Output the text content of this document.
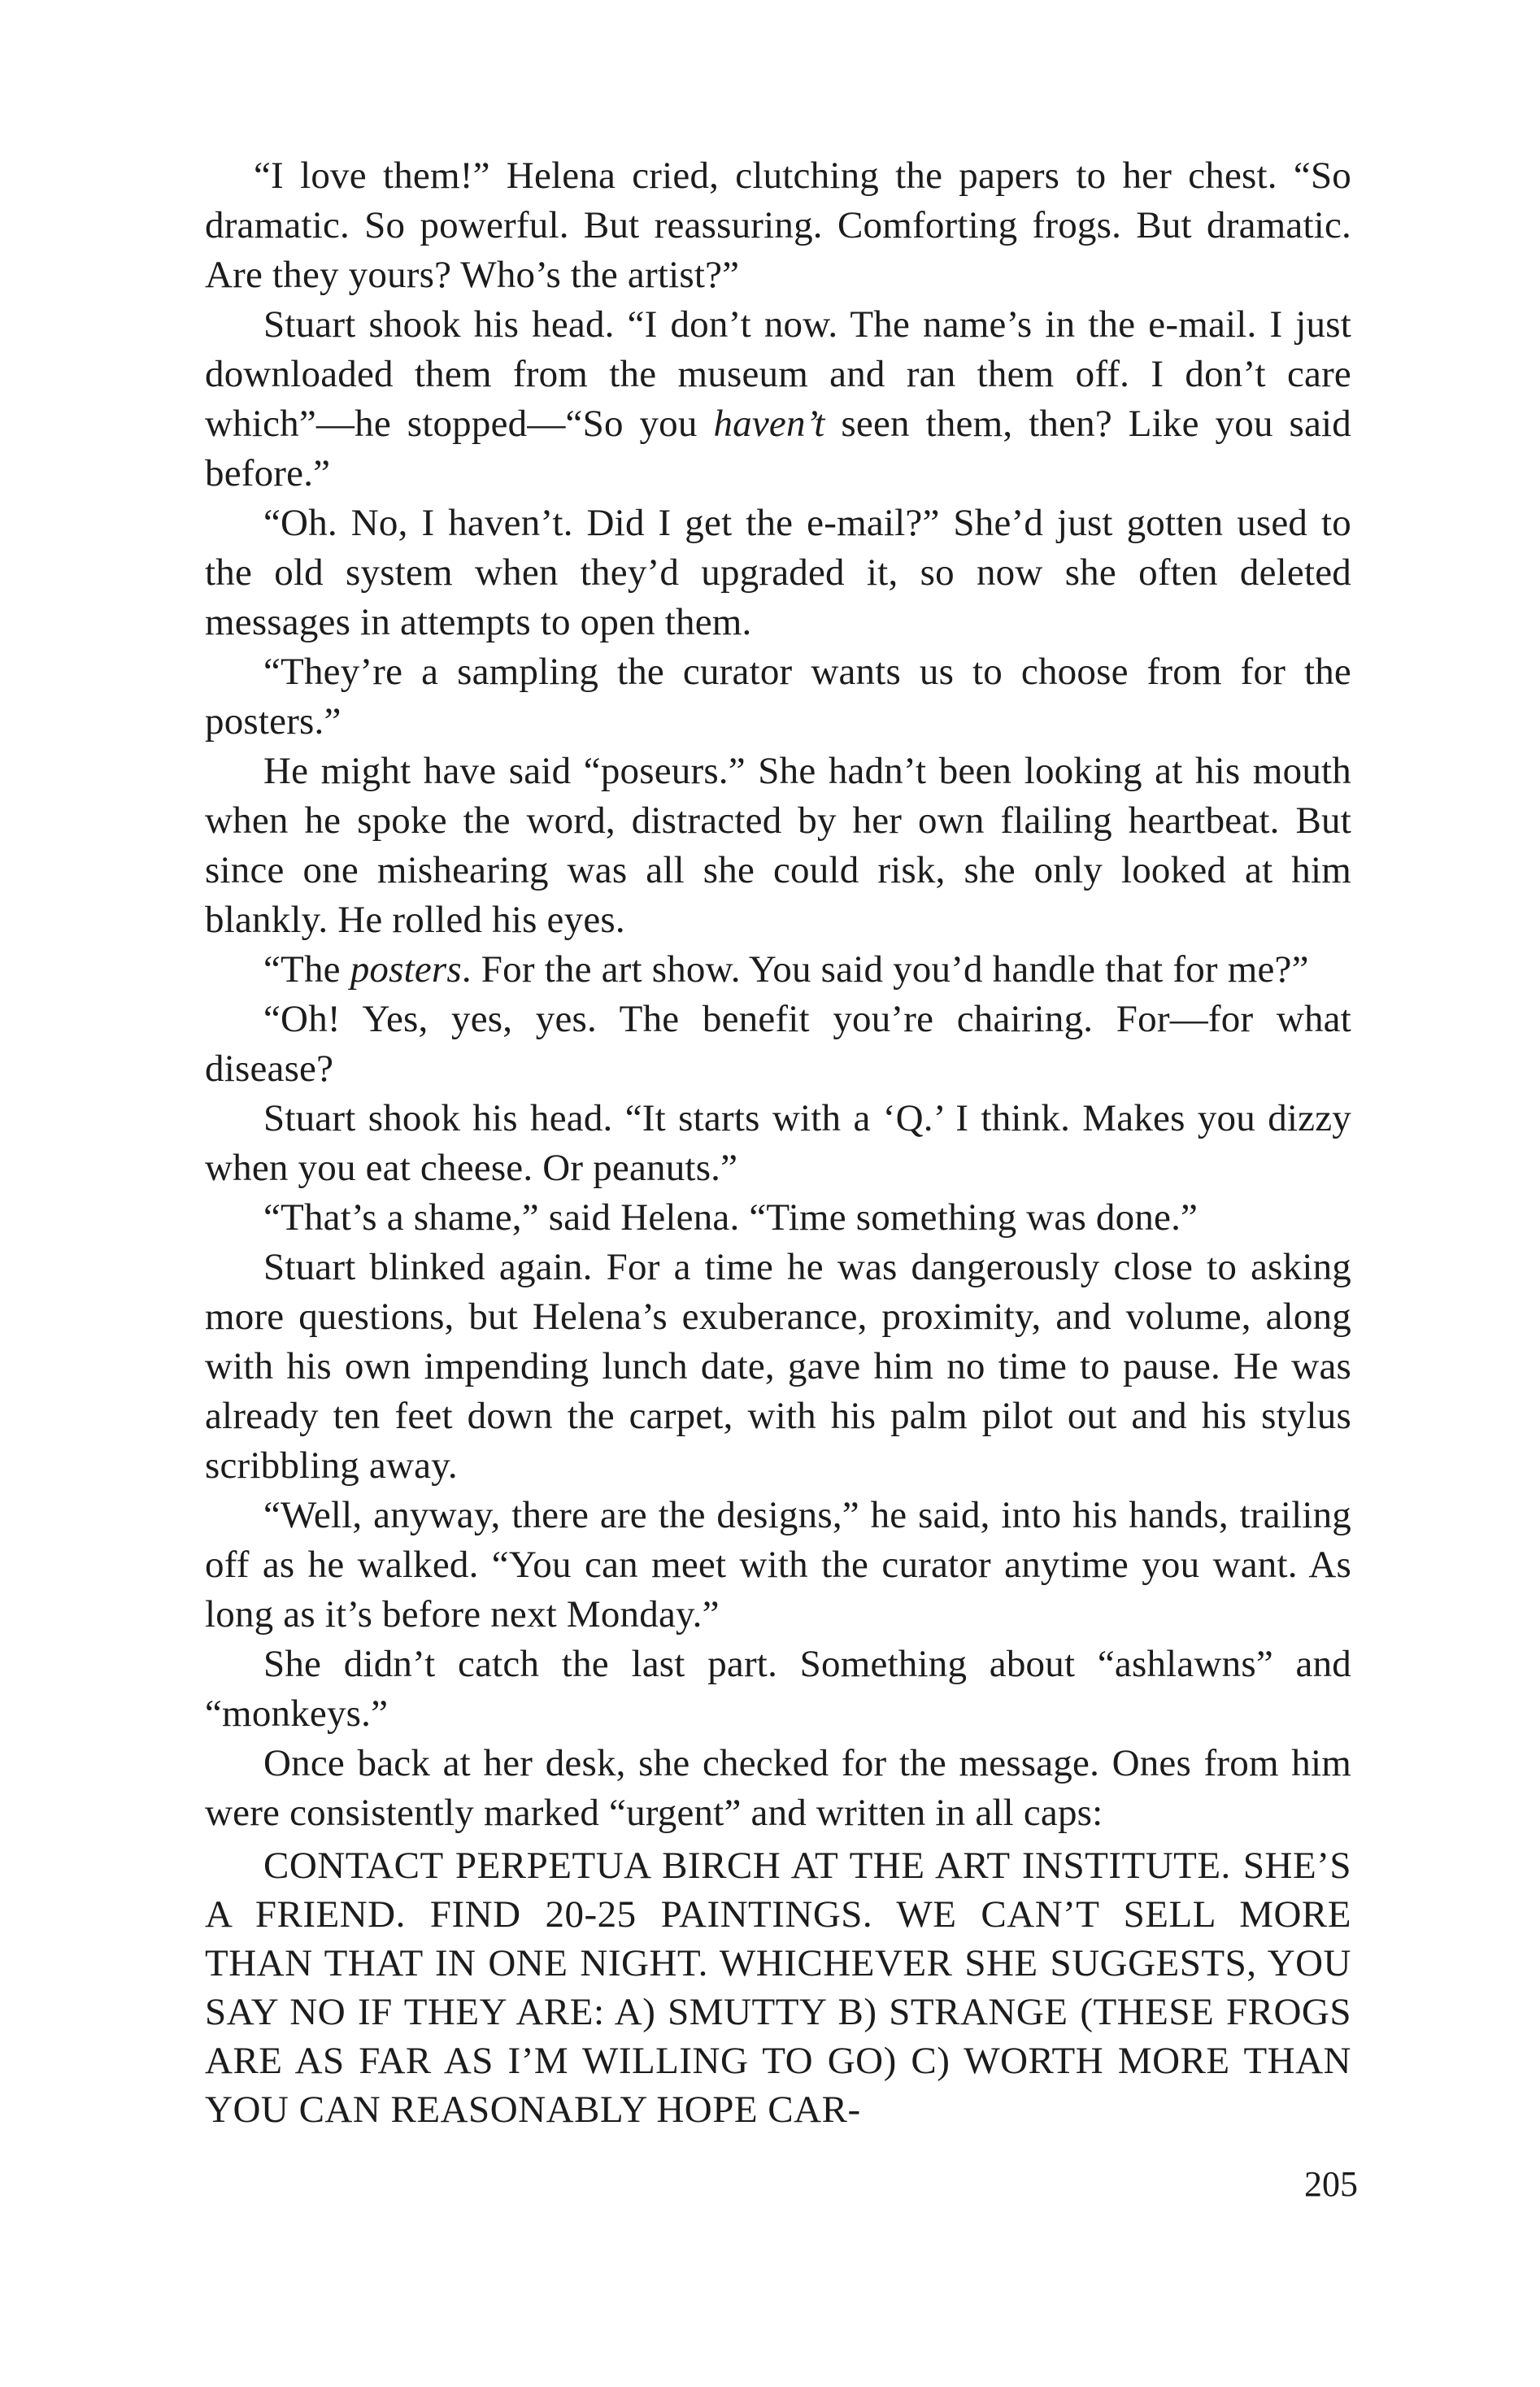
“I love them!” Helena cried, clutching the papers to her chest. “So dramatic. So powerful. But reassuring. Comforting frogs. But dramatic. Are they yours? Who’s the artist?”

Stuart shook his head. “I don’t now. The name’s in the e-mail. I just downloaded them from the museum and ran them off. I don’t care which”—he stopped—“So you haven’t seen them, then? Like you said before.”

“Oh. No, I haven’t. Did I get the e-mail?” She’d just gotten used to the old system when they’d upgraded it, so now she often deleted messages in attempts to open them.

“They’re a sampling the curator wants us to choose from for the posters.”

He might have said “poseurs.” She hadn’t been looking at his mouth when he spoke the word, distracted by her own flailing heartbeat. But since one mishearing was all she could risk, she only looked at him blankly. He rolled his eyes.

“The posters. For the art show. You said you’d handle that for me?”

“Oh! Yes, yes, yes. The benefit you’re chairing. For—for what disease?

Stuart shook his head. “It starts with a ‘Q.’ I think. Makes you dizzy when you eat cheese. Or peanuts.”

“That’s a shame,” said Helena. “Time something was done.”

Stuart blinked again. For a time he was dangerously close to asking more questions, but Helena’s exuberance, proximity, and volume, along with his own impending lunch date, gave him no time to pause. He was already ten feet down the carpet, with his palm pilot out and his stylus scribbling away.

“Well, anyway, there are the designs,” he said, into his hands, trailing off as he walked. “You can meet with the curator anytime you want. As long as it’s before next Monday.”

She didn’t catch the last part. Something about “ashlawns” and “monkeys.”

Once back at her desk, she checked for the message. Ones from him were consistently marked “urgent” and written in all caps:

CONTACT PERPETUA BIRCH AT THE ART INSTITUTE. SHE’S A FRIEND. FIND 20-25 PAINTINGS. WE CAN’T SELL MORE THAN THAT IN ONE NIGHT. WHICHEVER SHE SUGGESTS, YOU SAY NO IF THEY ARE: A) SMUTTY B) STRANGE (THESE FROGS ARE AS FAR AS I’M WILLING TO GO) C) WORTH MORE THAN YOU CAN REASONABLY HOPE CAR-

205
